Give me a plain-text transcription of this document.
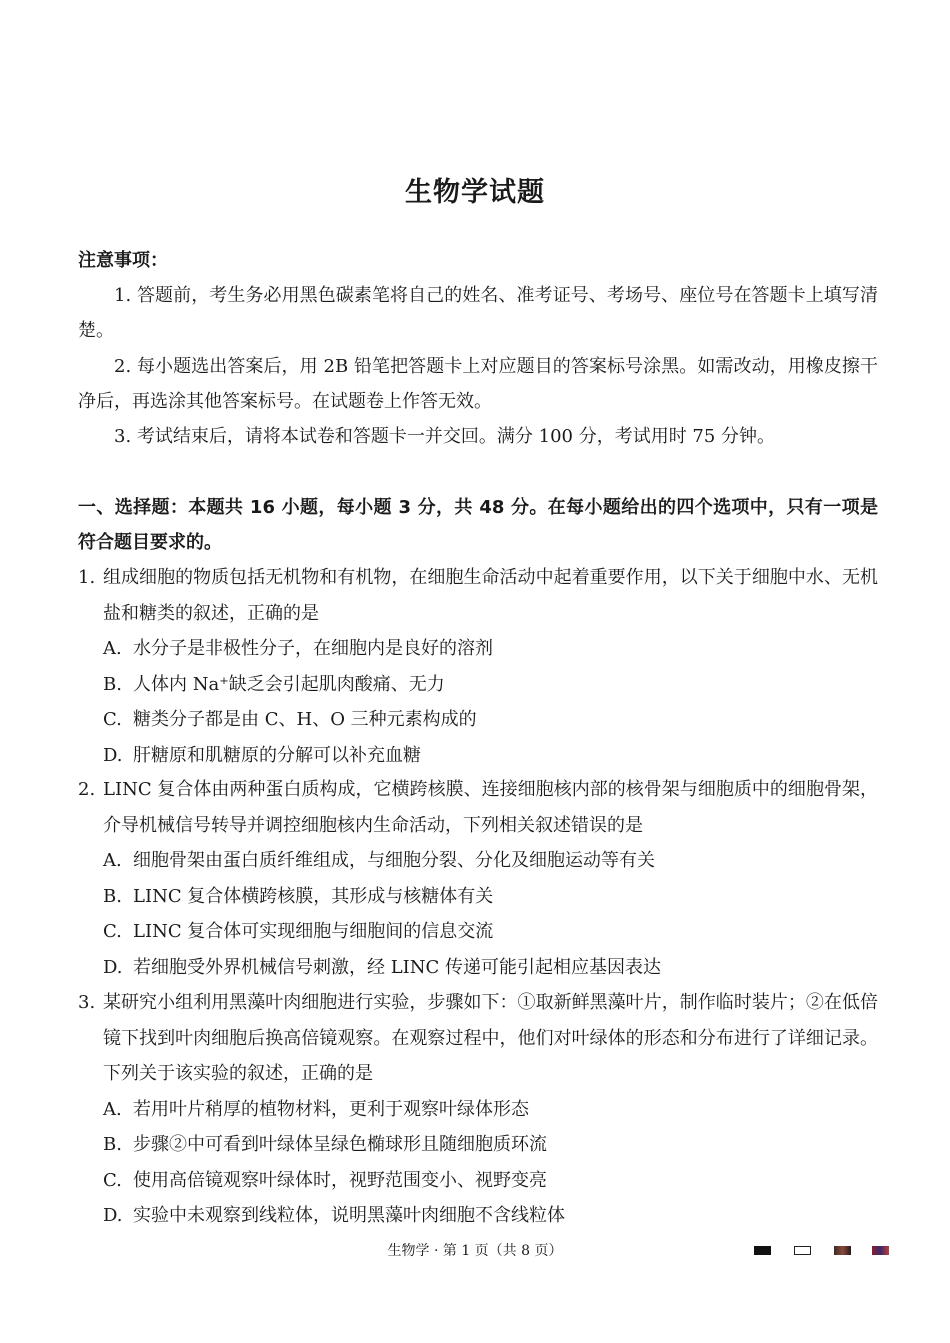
生物学试题
注意事项：
1. 答题前，考生务必用黑色碳素笔将自己的姓名、准考证号、考场号、座位号在答题卡上填写清楚。
2. 每小题选出答案后，用 2B 铅笔把答题卡上对应题目的答案标号涂黑。如需改动，用橡皮擦干净后，再选涂其他答案标号。在试题卷上作答无效。
3. 考试结束后，请将本试卷和答题卡一并交回。满分 100 分，考试用时 75 分钟。
一、选择题：本题共 16 小题，每小题 3 分，共 48 分。在每小题给出的四个选项中，只有一项是符合题目要求的。
1. 组成细胞的物质包括无机物和有机物，在细胞生命活动中起着重要作用，以下关于细胞中水、无机盐和糖类的叙述，正确的是
A. 水分子是非极性分子，在细胞内是良好的溶剂
B. 人体内 Na⁺缺乏会引起肌肉酸痛、无力
C. 糖类分子都是由 C、H、O 三种元素构成的
D. 肝糖原和肌糖原的分解可以补充血糖
2. LINC 复合体由两种蛋白质构成，它横跨核膜、连接细胞核内部的核骨架与细胞质中的细胞骨架，介导机械信号转导并调控细胞核内生命活动，下列相关叙述错误的是
A. 细胞骨架由蛋白质纤维组成，与细胞分裂、分化及细胞运动等有关
B. LINC 复合体横跨核膜，其形成与核糖体有关
C. LINC 复合体可实现细胞与细胞间的信息交流
D. 若细胞受外界机械信号刺激，经 LINC 传递可能引起相应基因表达
3. 某研究小组利用黑藻叶肉细胞进行实验，步骤如下：①取新鲜黑藻叶片，制作临时装片；②在低倍镜下找到叶肉细胞后换高倍镜观察。在观察过程中，他们对叶绿体的形态和分布进行了详细记录。下列关于该实验的叙述，正确的是
A. 若用叶片稍厚的植物材料，更利于观察叶绿体形态
B. 步骤②中可看到叶绿体呈绿色椭球形且随细胞质环流
C. 使用高倍镜观察叶绿体时，视野范围变小、视野变亮
D. 实验中未观察到线粒体，说明黑藻叶肉细胞不含线粒体
生物学 · 第 1 页（共 8 页）
